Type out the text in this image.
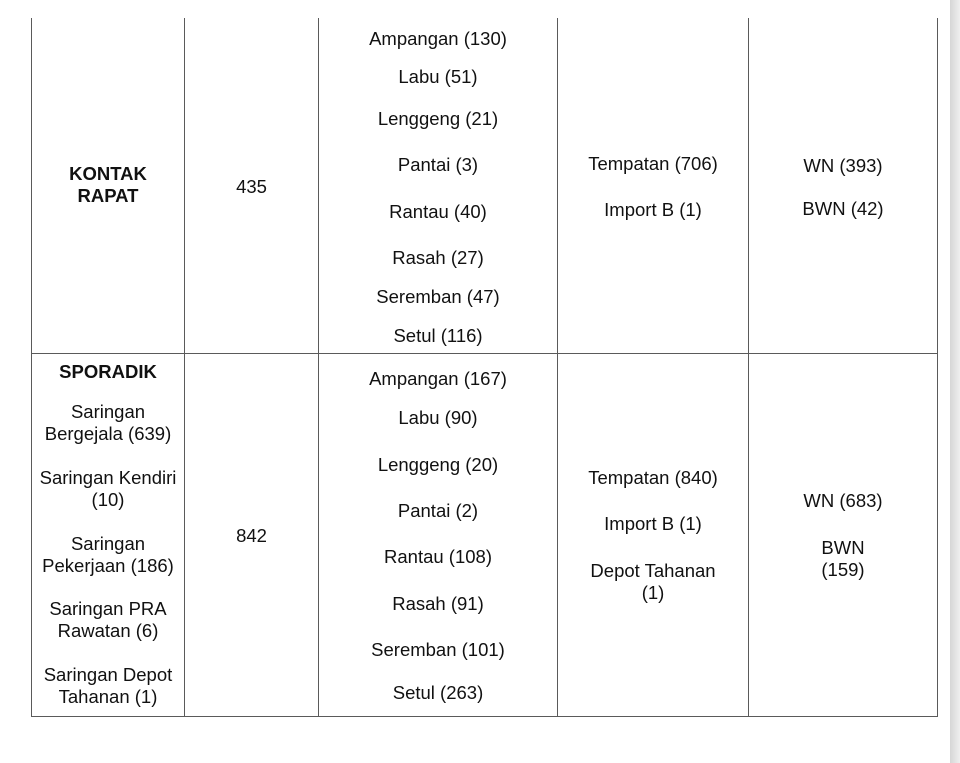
KONTAK RAPAT	435
Ampangan (130)
Labu (51)
Lenggeng (21)
Pantai (3)
Rantau (40)
Rasah (27)
Seremban (47)
Setul (116)
Tempatan (706)
Import B (1)
WN (393)
BWN (42)
SPORADIK
Saringan Bergejala (639)
Saringan Kendiri (10)
Saringan Pekerjaan (186)
Saringan PRA Rawatan (6)
Saringan Depot Tahanan (1)
842
Ampangan (167)
Labu (90)
Lenggeng (20)
Pantai (2)
Rantau (108)
Rasah (91)
Seremban (101)
Setul (263)
Tempatan (840)
Import B (1)
Depot Tahanan (1)
WN (683)
BWN (159)
